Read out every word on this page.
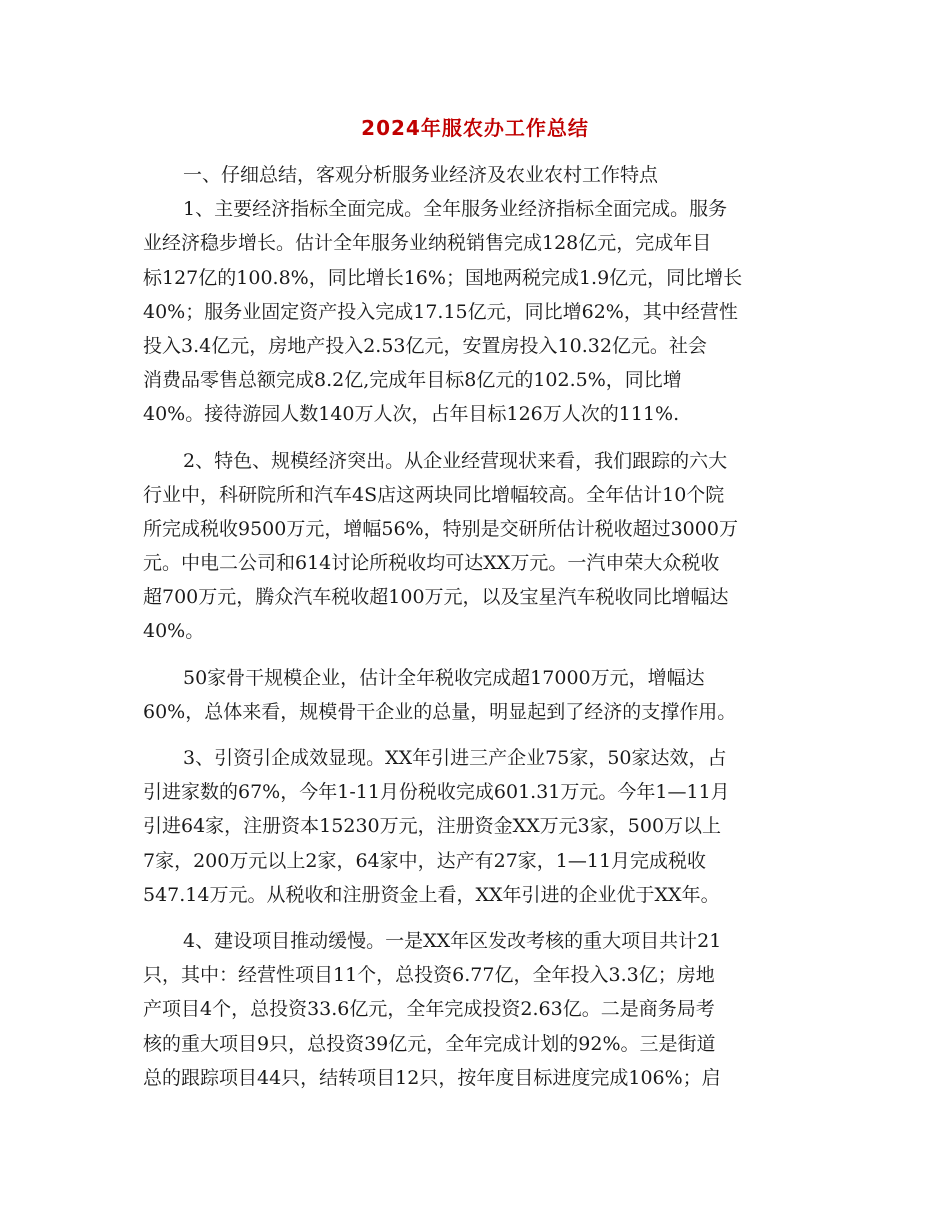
2024年服农办工作总结
一、仔细总结，客观分析服务业经济及农业农村工作特点
1、主要经济指标全面完成。全年服务业经济指标全面完成。服务
业经济稳步增长。估计全年服务业纳税销售完成128亿元，完成年目
标127亿的100.8%，同比增长16%；国地两税完成1.9亿元，同比增长
40%；服务业固定资产投入完成17.15亿元，同比增62%，其中经营性
投入3.4亿元，房地产投入2.53亿元，安置房投入10.32亿元。社会
消费品零售总额完成8.2亿,完成年目标8亿元的102.5%，同比增
40%。接待游园人数140万人次，占年目标126万人次的111%.
2、特色、规模经济突出。从企业经营现状来看，我们跟踪的六大
行业中，科研院所和汽车4S店这两块同比增幅较高。全年估计10个院
所完成税收9500万元，增幅56%，特别是交研所估计税收超过3000万
元。中电二公司和614讨论所税收均可达XX万元。一汽申荣大众税收
超700万元，腾众汽车税收超100万元，以及宝星汽车税收同比增幅达
40%。
50家骨干规模企业，估计全年税收完成超17000万元，增幅达
60%，总体来看，规模骨干企业的总量，明显起到了经济的支撑作用。
3、引资引企成效显现。XX年引进三产企业75家，50家达效，占
引进家数的67%，今年1-11月份税收完成601.31万元。今年1—11月
引进64家，注册资本15230万元，注册资金XX万元3家，500万以上
7家，200万元以上2家，64家中，达产有27家，1—11月完成税收
547.14万元。从税收和注册资金上看，XX年引进的企业优于XX年。
4、建设项目推动缓慢。一是XX年区发改考核的重大项目共计21
只，其中：经营性项目11个，总投资6.77亿，全年投入3.3亿；房地
产项目4个，总投资33.6亿元，全年完成投资2.63亿。二是商务局考
核的重大项目9只，总投资39亿元，全年完成计划的92%。三是街道
总的跟踪项目44只，结转项目12只，按年度目标进度完成106%；启
